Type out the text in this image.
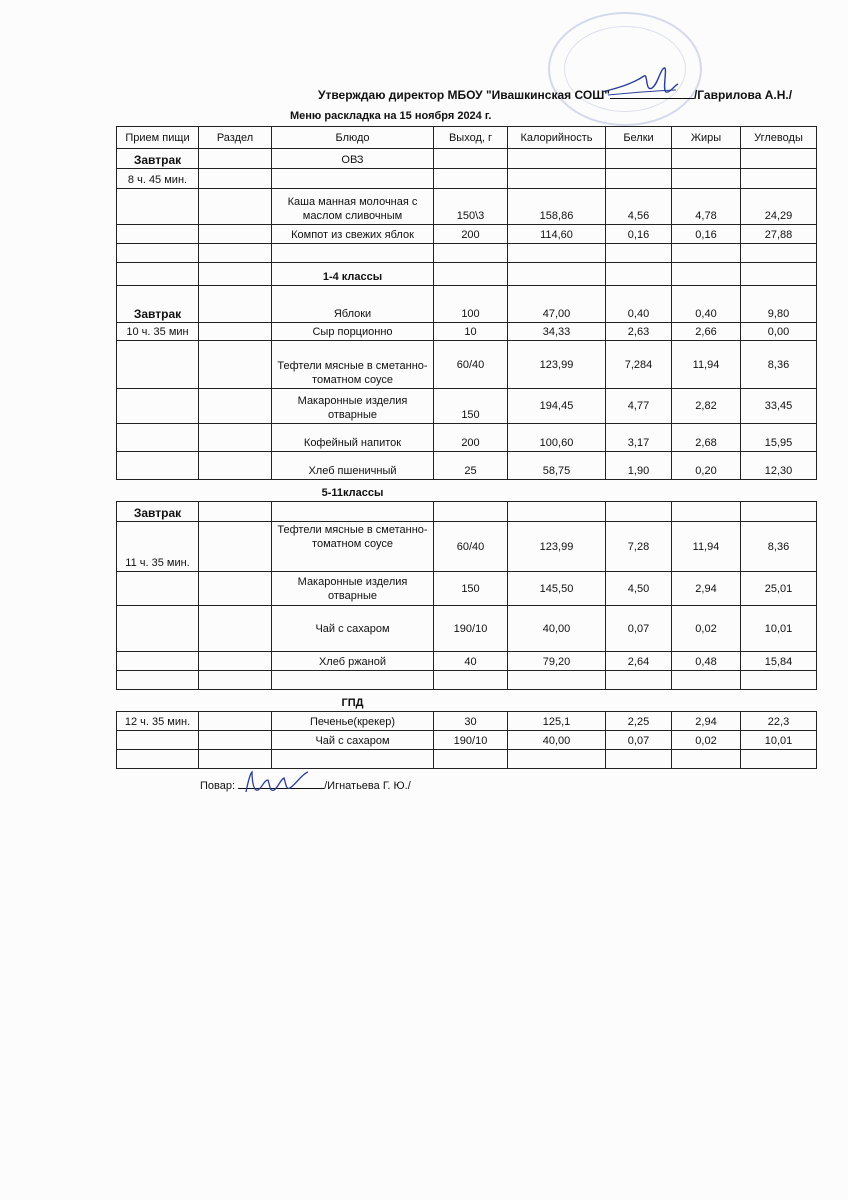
Утверждаю директор МБОУ "Ивашкинская СОШ"	/Гаврилова А.Н./
Меню раскладка на 15 ноября 2024 г.
Прием пищи	Раздел	Блюдо	Выход, г	Калорийность	Белки	Жиры	Углеводы
Завтрак		ОВЗ					
8 ч. 45 мин.							
		Каша манная молочная с маслом сливочным	150\3	158,86	4,56	4,78	24,29
		Компот из свежих яблок	200	114,60	0,16	0,16	27,88

		1-4 классы					
Завтрак		Яблоки	100	47,00	0,40	0,40	9,80
10 ч. 35 мин		Сыр порционно	10	34,33	2,63	2,66	0,00
		Тефтели мясные в сметанно-томатном соусе	60/40	123,99	7,284	11,94	8,36
		Макаронные изделия отварные	150	194,45	4,77	2,82	33,45
		Кофейный напиток	200	100,60	3,17	2,68	15,95
		Хлеб пшеничный	25	58,75	1,90	0,20	12,30
		5-11классы					
Завтрак							
11 ч. 35 мин.		Тефтели мясные в сметанно-томатном соусе	60/40	123,99	7,28	11,94	8,36
		Макаронные изделия отварные	150	145,50	4,50	2,94	25,01
		Чай с сахаром	190/10	40,00	0,07	0,02	10,01
		Хлеб ржаной	40	79,20	2,64	0,48	15,84

		ГПД					
12 ч. 35 мин.		Печенье(крекер)	30	125,1	2,25	2,94	22,3
		Чай с сахаром	190/10	40,00	0,07	0,02	10,01

Повар:	/Игнатьева Г. Ю./
